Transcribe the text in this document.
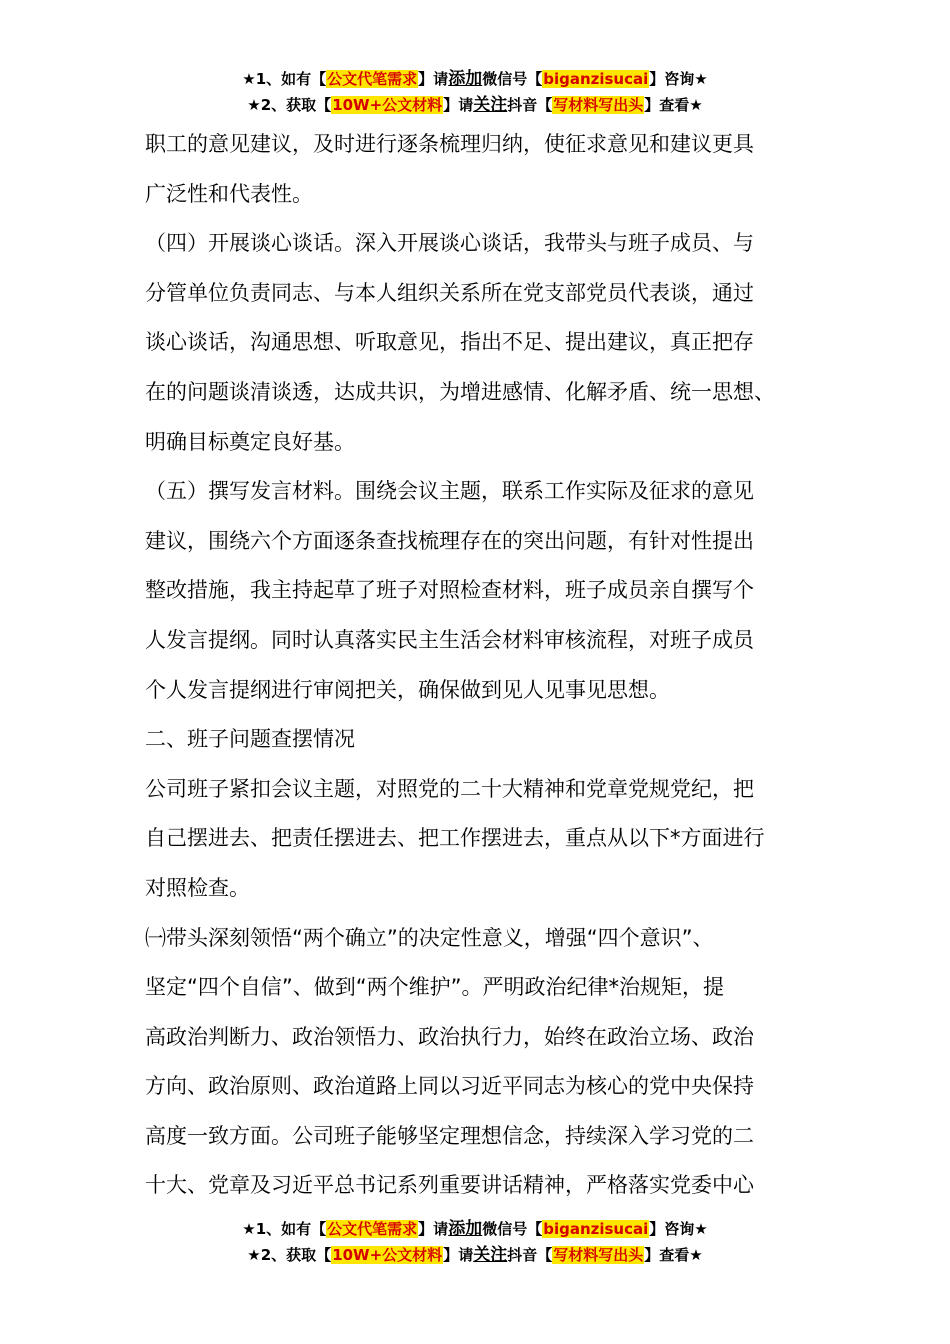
★1、如有【公文代笔需求】请添加微信号【biganzisucai】咨询★
★2、获取【10W+公文材料】请关注抖音【写材料写出头】查看★
职工的意见建议，及时进行逐条梳理归纳，使征求意见和建议更具
广泛性和代表性。
（四）开展谈心谈话。深入开展谈心谈话，我带头与班子成员、与
分管单位负责同志、与本人组织关系所在党支部党员代表谈，通过
谈心谈话，沟通思想、听取意见，指出不足、提出建议，真正把存
在的问题谈清谈透，达成共识，为增进感情、化解矛盾、统一思想、
明确目标奠定良好基。
（五）撰写发言材料。围绕会议主题，联系工作实际及征求的意见
建议，围绕六个方面逐条查找梳理存在的突出问题，有针对性提出
整改措施，我主持起草了班子对照检查材料，班子成员亲自撰写个
人发言提纲。同时认真落实民主生活会材料审核流程，对班子成员
个人发言提纲进行审阅把关，确保做到见人见事见思想。
二、班子问题查摆情况
公司班子紧扣会议主题，对照党的二十大精神和党章党规党纪，把
自己摆进去、把责任摆进去、把工作摆进去，重点从以下*方面进行
对照检查。
㈠带头深刻领悟“两个确立”的决定性意义，增强“四个意识”、
坚定“四个自信”、做到“两个维护”。严明政治纪律*治规矩，提
高政治判断力、政治领悟力、政治执行力，始终在政治立场、政治
方向、政治原则、政治道路上同以习近平同志为核心的党中央保持
高度一致方面。公司班子能够坚定理想信念，持续深入学习党的二
十大、党章及习近平总书记系列重要讲话精神，严格落实党委中心
★1、如有【公文代笔需求】请添加微信号【biganzisucai】咨询★
★2、获取【10W+公文材料】请关注抖音【写材料写出头】查看★
